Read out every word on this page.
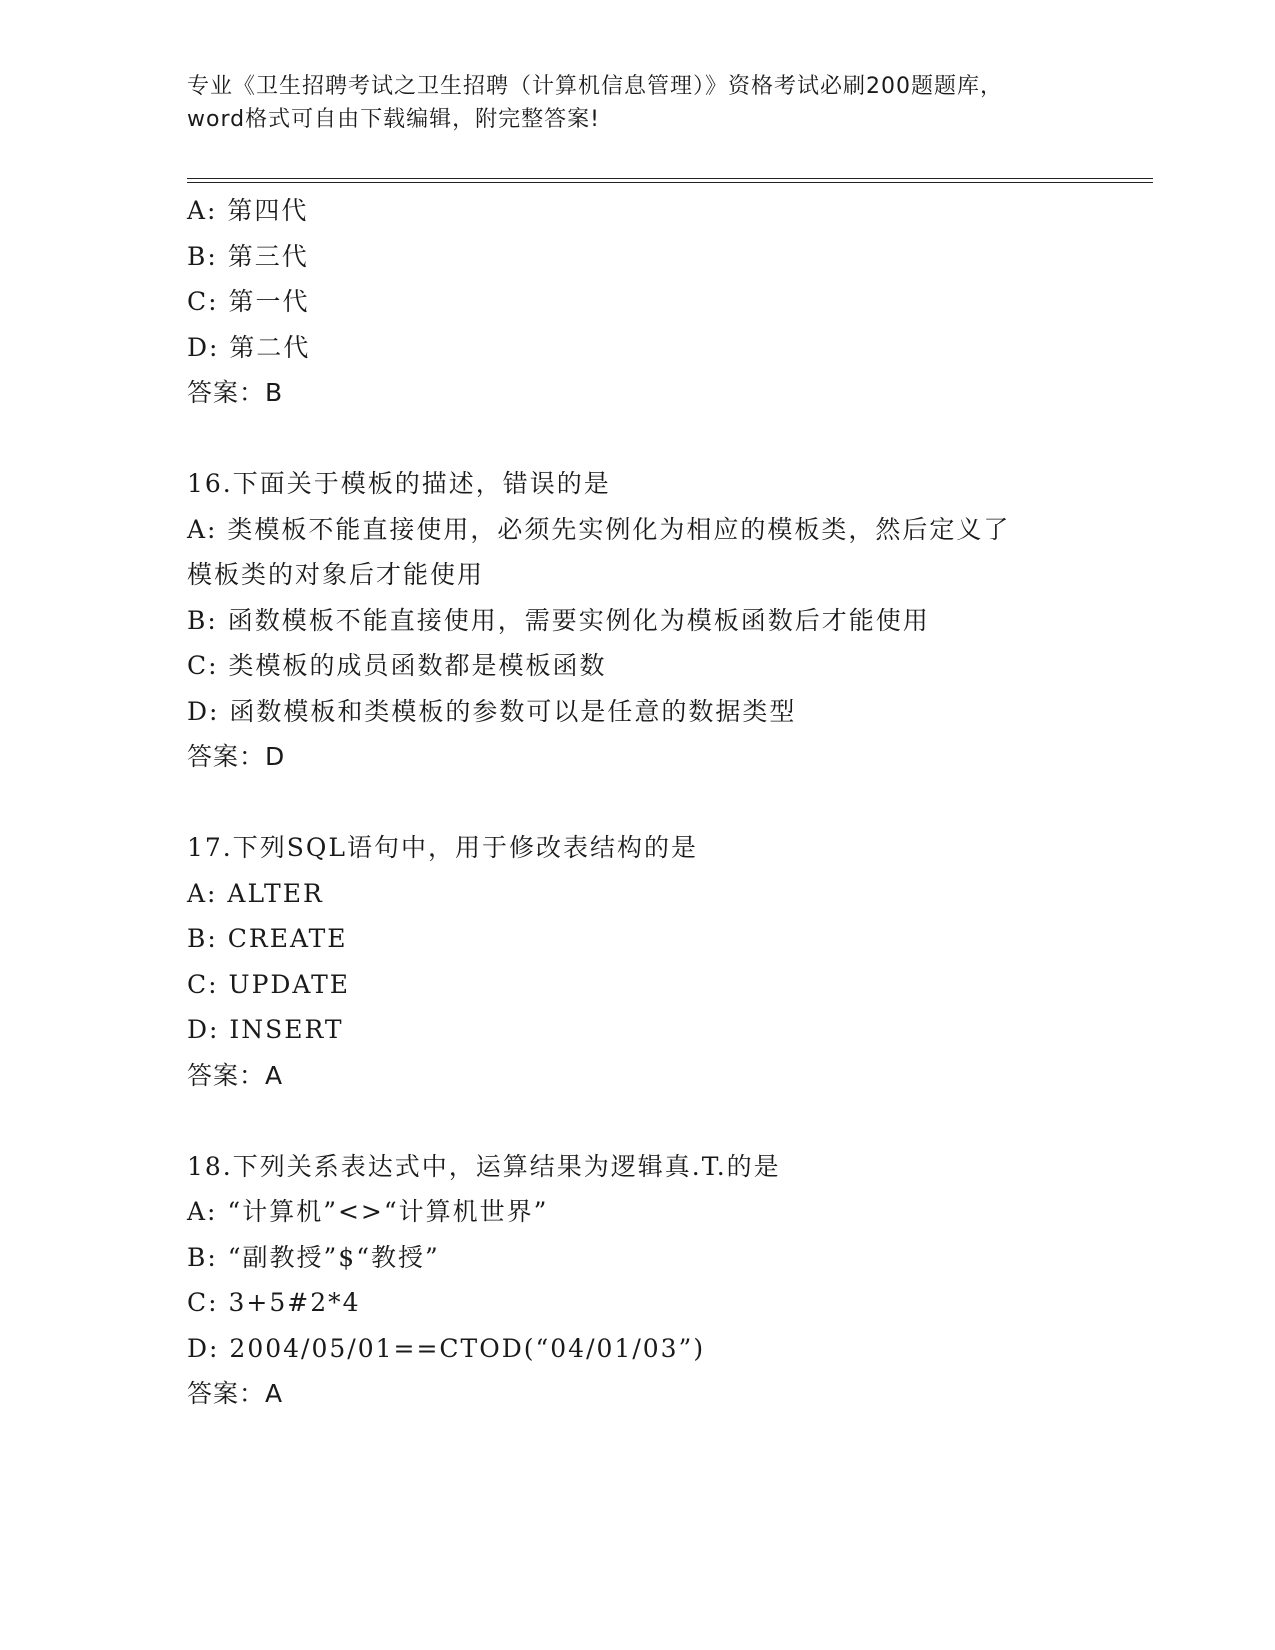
专业《卫生招聘考试之卫生招聘（计算机信息管理）》资格考试必刷200题题库，
word格式可自由下载编辑，附完整答案!
A: 第四代
B: 第三代
C: 第一代
D: 第二代
答案：B
16.下面关于模板的描述，错误的是
A: 类模板不能直接使用，必须先实例化为相应的模板类，然后定义了
模板类的对象后才能使用
B: 函数模板不能直接使用，需要实例化为模板函数后才能使用
C: 类模板的成员函数都是模板函数
D: 函数模板和类模板的参数可以是任意的数据类型
答案：D
17.下列SQL语句中，用于修改表结构的是
A: ALTER
B: CREATE
C: UPDATE
D: INSERT
答案：A
18.下列关系表达式中，运算结果为逻辑真.T.的是
A: “计算机”<>“计算机世界”
B: “副教授”$“教授”
C: 3+5#2*4
D: 2004/05/01==CTOD(“04/01/03”)
答案：A
